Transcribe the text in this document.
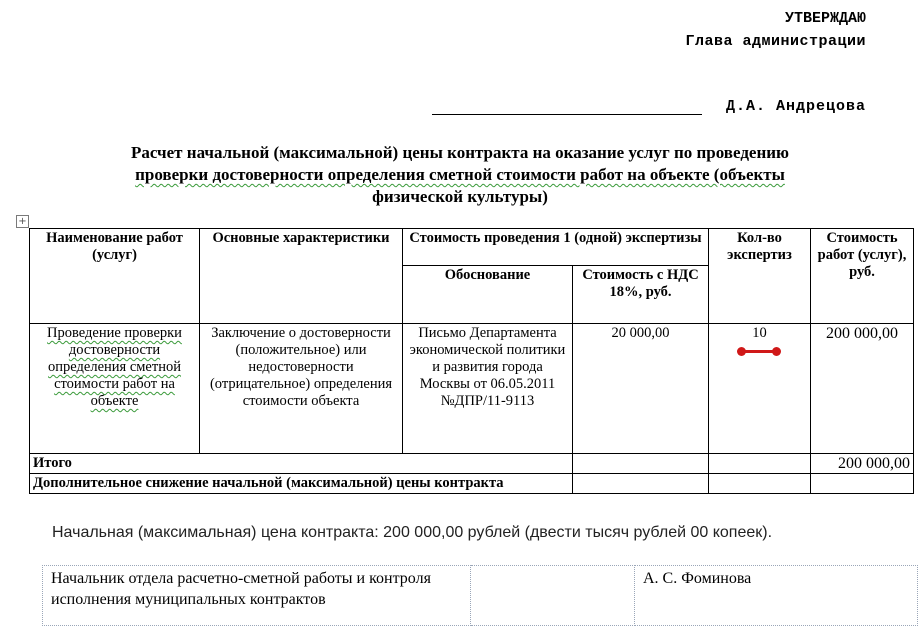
УТВЕРЖДАЮ
Глава администрации
Д.А. Андрецова
Расчет начальной (максимальной) цены контракта на оказание услуг по проведению
проверки достоверности определения сметной стоимости работ на объекте (объекты
физической культуры)
+
Наименование работ (услуг)	Основные характеристики	Стоимость проведения 1 (одной) экспертизы		Кол-во экспертиз	Стоимость работ (услуг), руб.
		Обоснование	Стоимость с НДС 18%, руб.		
Проведение проверки достоверности определения сметной стоимости работ на объекте	Заключение о достоверности (положительное) или недостоверности (отрицательное) определения стоимости объекта	Письмо Департамента экономической политики и развития города Москвы от 06.05.2011 №ДПР/11-9113	20 000,00	10	200 000,00
Итого					200 000,00
Дополнительное снижение начальной (максимальной) цены контракта					
Начальная (максимальная) цена контракта: 200 000,00 рублей (двести тысяч рублей 00 копеек).
Начальник отдела расчетно-сметной работы и контроля исполнения муниципальных контрактов		А. С. Фоминова
